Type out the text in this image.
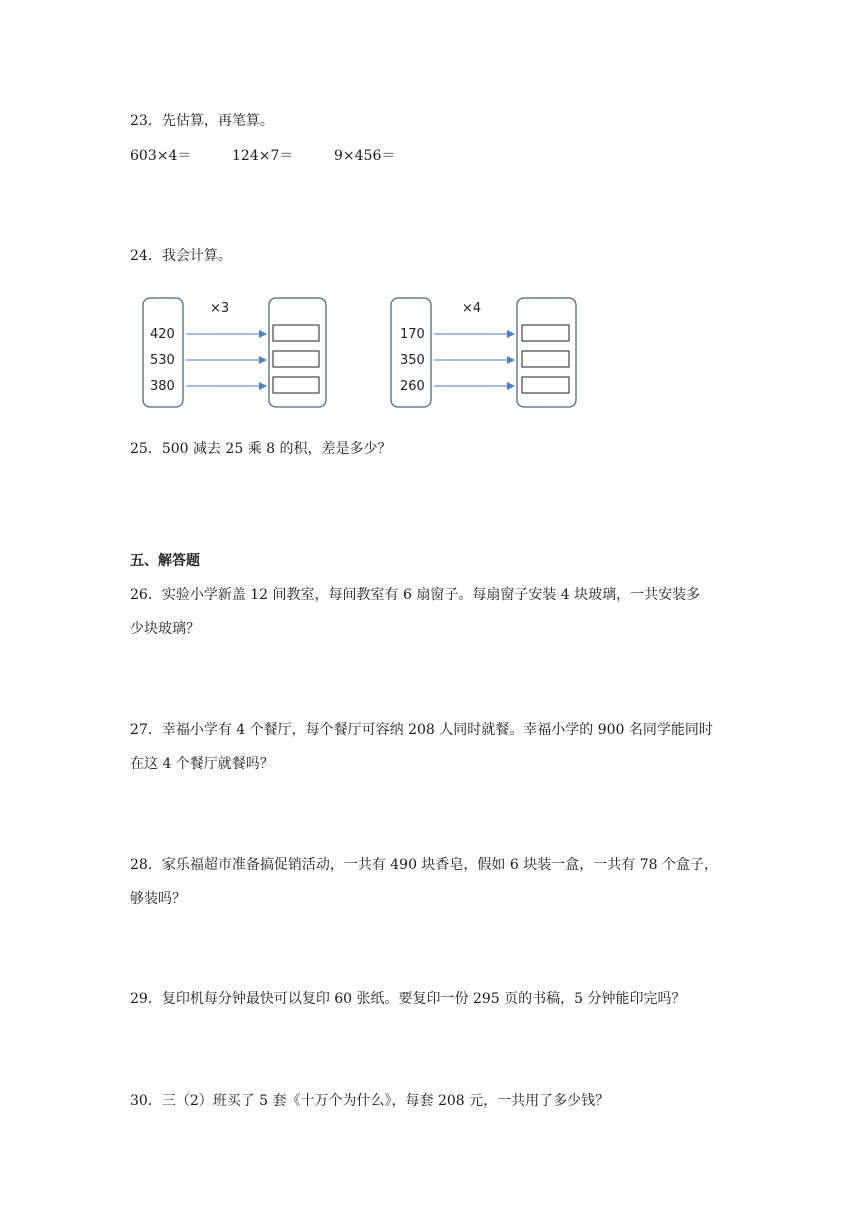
23．先估算，再笔算。
603×4＝	124×7＝	9×456＝
24．我会计算。
×3
420
530
380
×4
170
350
260
25．500 减去 25 乘 8 的积，差是多少？
五、解答题
26．实验小学新盖 12 间教室，每间教室有 6 扇窗子。每扇窗子安装 4 块玻璃，一共安装多
少块玻璃？
27．幸福小学有 4 个餐厅，每个餐厅可容纳 208 人同时就餐。幸福小学的 900 名同学能同时
在这 4 个餐厅就餐吗？
28．家乐福超市准备搞促销活动，一共有 490 块香皂，假如 6 块装一盒，一共有 78 个盒子，
够装吗？
29．复印机每分钟最快可以复印 60 张纸。要复印一份 295 页的书稿，5 分钟能印完吗？
30．三（2）班买了 5 套《十万个为什么》，每套 208 元，一共用了多少钱？
